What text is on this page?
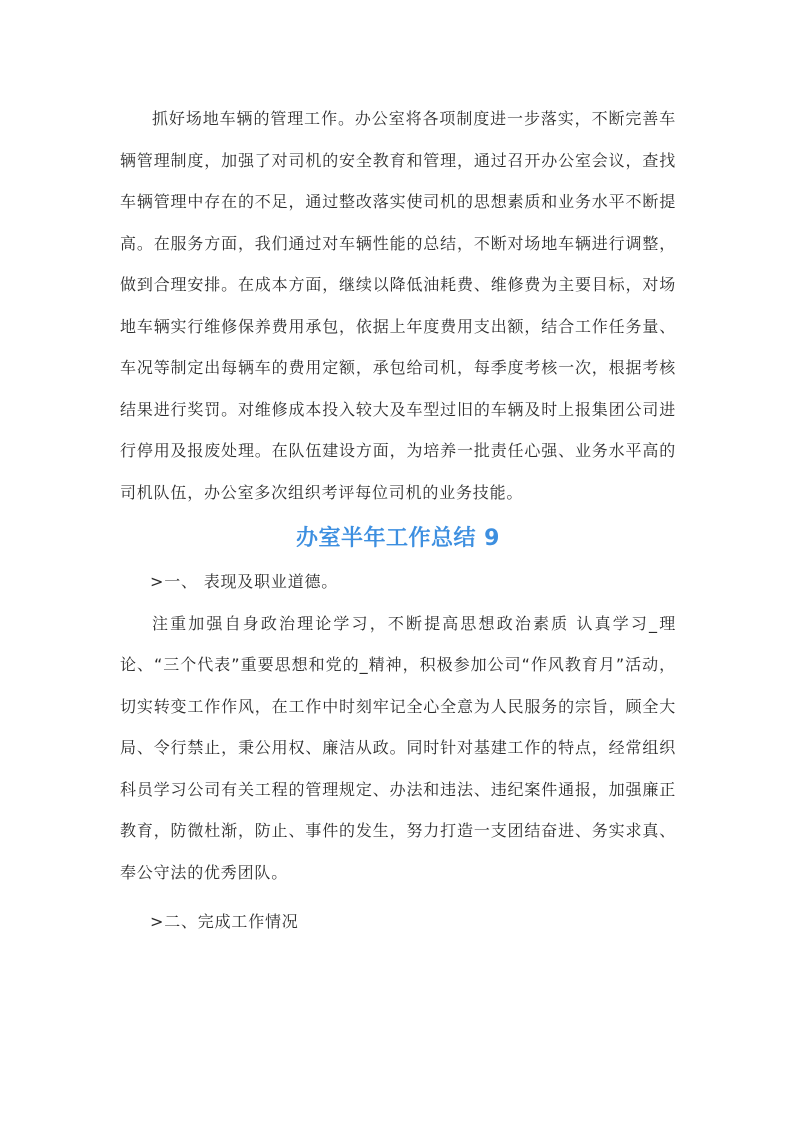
抓好场地车辆的管理工作。办公室将各项制度进一步落实，不断完善车辆管理制度，加强了对司机的安全教育和管理，通过召开办公室会议，查找车辆管理中存在的不足，通过整改落实使司机的思想素质和业务水平不断提高。在服务方面，我们通过对车辆性能的总结，不断对场地车辆进行调整，做到合理安排。在成本方面，继续以降低油耗费、维修费为主要目标，对场地车辆实行维修保养费用承包，依据上年度费用支出额，结合工作任务量、车况等制定出每辆车的费用定额，承包给司机，每季度考核一次，根据考核结果进行奖罚。对维修成本投入较大及车型过旧的车辆及时上报集团公司进行停用及报废处理。在队伍建设方面，为培养一批责任心强、业务水平高的司机队伍，办公室多次组织考评每位司机的业务技能。

办室半年工作总结 9

>一、 表现及职业道德。

注重加强自身政治理论学习，不断提高思想政治素质 认真学习_理论、“三个代表”重要思想和党的_精神，积极参加公司“作风教育月”活动，切实转变工作作风，在工作中时刻牢记全心全意为人民服务的宗旨，顾全大局、令行禁止，秉公用权、廉洁从政。同时针对基建工作的特点，经常组织科员学习公司有关工程的管理规定、办法和违法、违纪案件通报，加强廉正教育，防微杜渐，防止、事件的发生，努力打造一支团结奋进、务实求真、奉公守法的优秀团队。

>二、完成工作情况
